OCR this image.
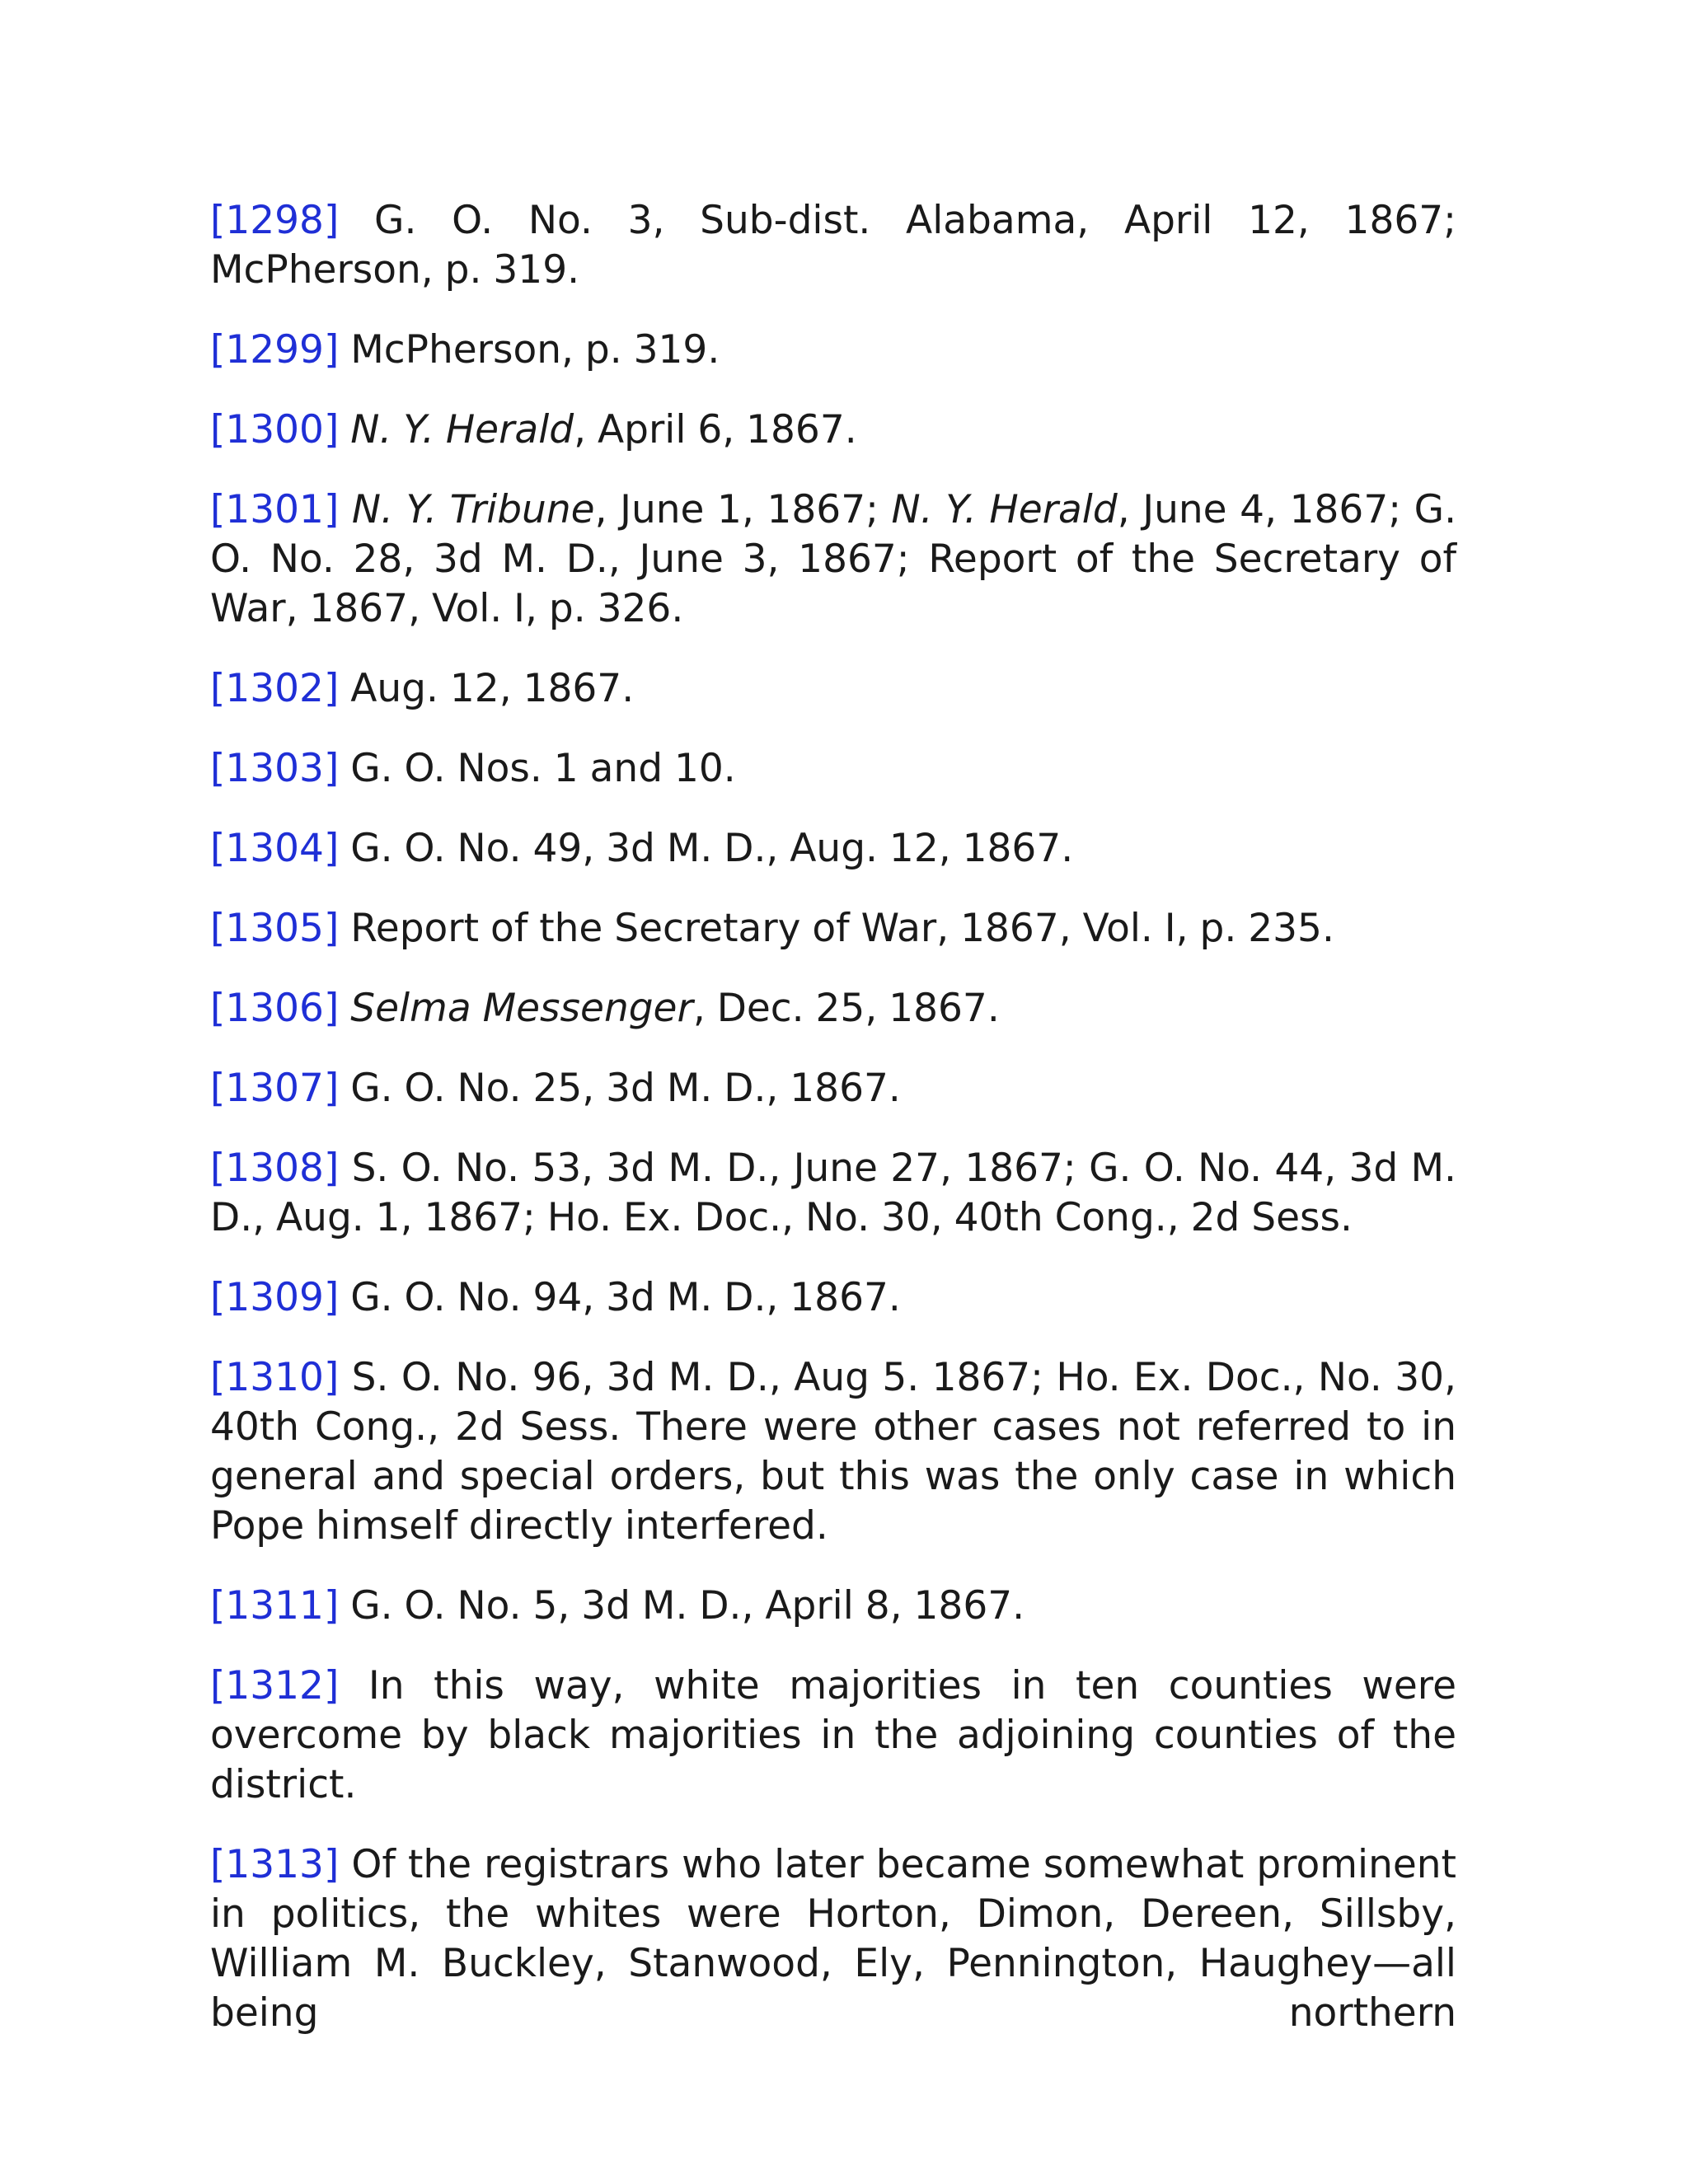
[1298] G. O. No. 3, Sub-dist. Alabama, April 12, 1867; McPherson, p. 319.

[1299] McPherson, p. 319.

[1300] N. Y. Herald, April 6, 1867.

[1301] N. Y. Tribune, June 1, 1867; N. Y. Herald, June 4, 1867; G. O. No. 28, 3d M. D., June 3, 1867; Report of the Secretary of War, 1867, Vol. I, p. 326.

[1302] Aug. 12, 1867.

[1303] G. O. Nos. 1 and 10.

[1304] G. O. No. 49, 3d M. D., Aug. 12, 1867.

[1305] Report of the Secretary of War, 1867, Vol. I, p. 235.

[1306] Selma Messenger, Dec. 25, 1867.

[1307] G. O. No. 25, 3d M. D., 1867.

[1308] S. O. No. 53, 3d M. D., June 27, 1867; G. O. No. 44, 3d M. D., Aug. 1, 1867; Ho. Ex. Doc., No. 30, 40th Cong., 2d Sess.

[1309] G. O. No. 94, 3d M. D., 1867.

[1310] S. O. No. 96, 3d M. D., Aug 5. 1867; Ho. Ex. Doc., No. 30, 40th Cong., 2d Sess. There were other cases not referred to in general and special orders, but this was the only case in which Pope himself directly interfered.

[1311] G. O. No. 5, 3d M. D., April 8, 1867.

[1312] In this way, white majorities in ten counties were overcome by black majorities in the adjoining counties of the district.

[1313] Of the registrars who later became somewhat prominent in politics, the whites were Horton, Dimon, Dereen, Sillsby, William M. Buckley, Stanwood, Ely, Pennington, Haughey—all being northern
